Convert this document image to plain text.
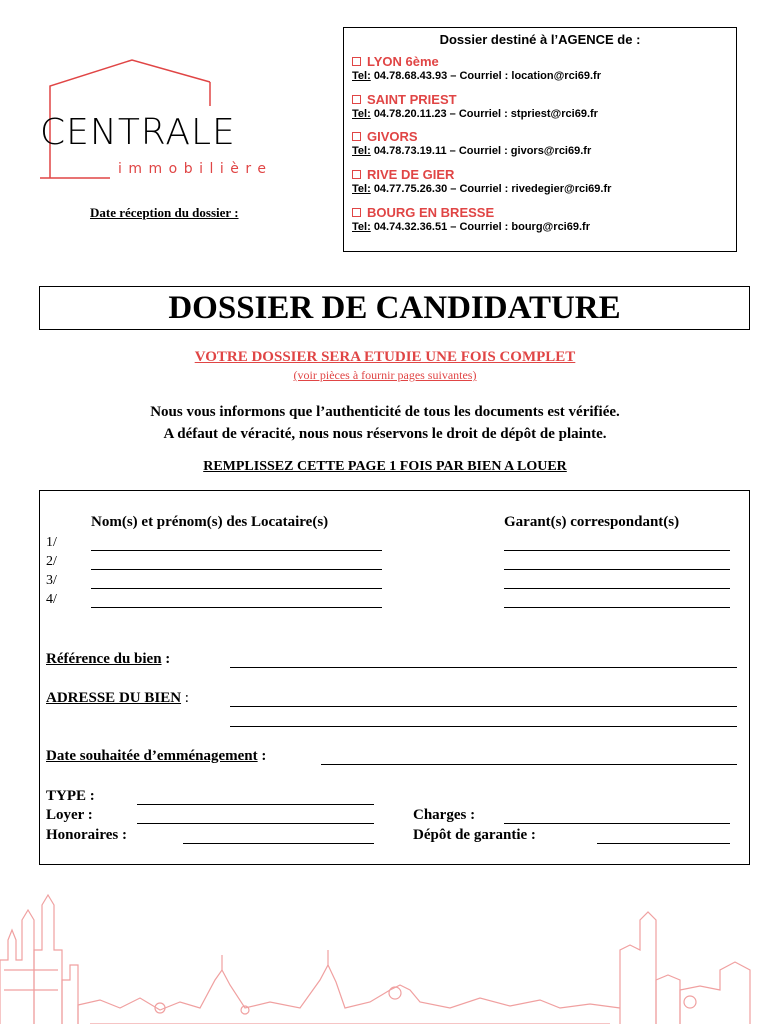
CENTRALE
immobilière
Date réception du dossier :
Dossier destiné à l’AGENCE de :
LYON 6ème
Tel: 04.78.68.43.93 – Courriel : location@rci69.fr
SAINT PRIEST
Tel: 04.78.20.11.23 – Courriel : stpriest@rci69.fr
GIVORS
Tel: 04.78.73.19.11 – Courriel : givors@rci69.fr
RIVE DE GIER
Tel: 04.77.75.26.30 – Courriel : rivedegier@rci69.fr
BOURG EN BRESSE
Tel: 04.74.32.36.51 – Courriel : bourg@rci69.fr
DOSSIER DE CANDIDATURE
VOTRE DOSSIER SERA ETUDIE UNE FOIS COMPLET
(voir pièces à fournir pages suivantes)
Nous vous informons que l’authenticité de tous les documents est vérifiée.
A défaut de véracité, nous nous réservons le droit de dépôt de plainte.
REMPLISSEZ CETTE PAGE 1 FOIS PAR BIEN A LOUER
Nom(s) et prénom(s) des Locataire(s)	Garant(s) correspondant(s)
1/
2/
3/
4/
Référence du bien :
ADRESSE DU BIEN :
Date souhaitée d’emménagement :
TYPE :
Loyer :
Honoraires :
Charges :
Dépôt de garantie :
